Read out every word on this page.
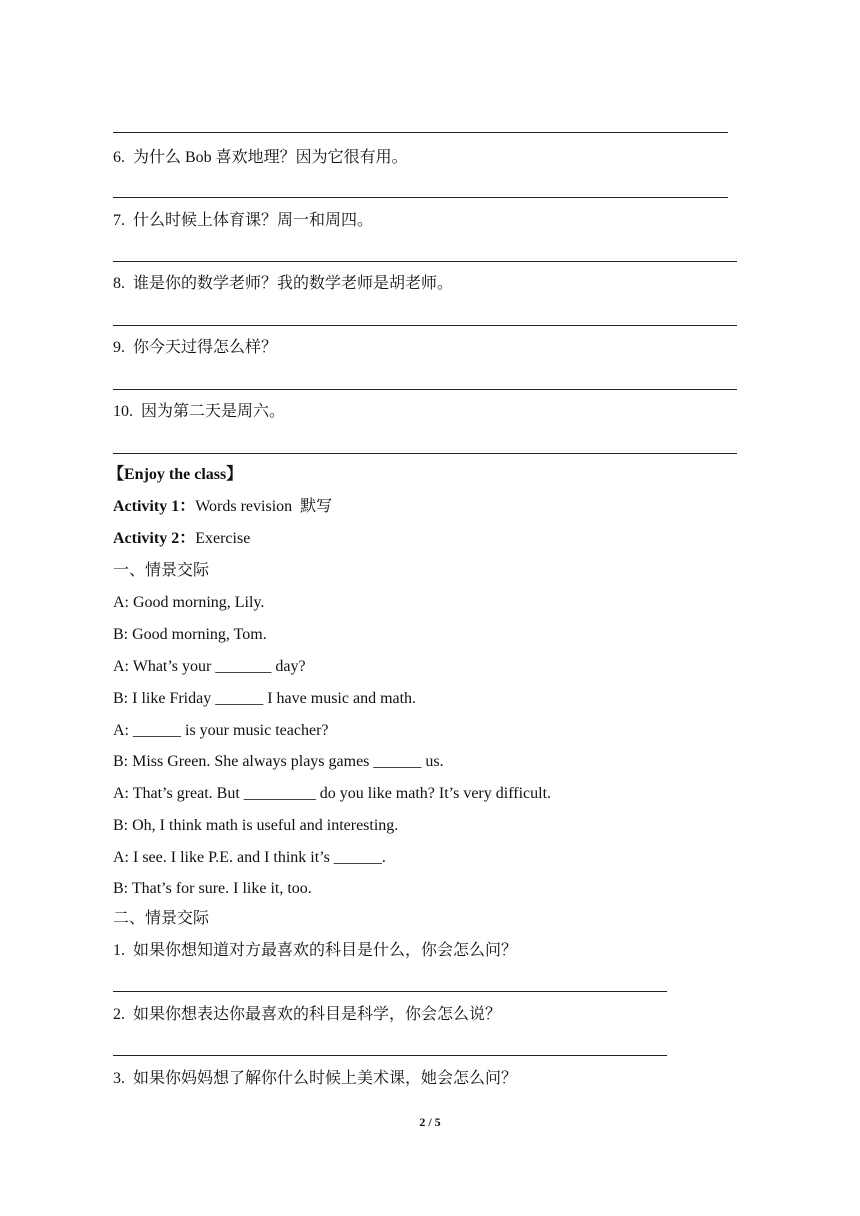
6. 为什么 Bob 喜欢地理？因为它很有用。
7. 什么时候上体育课？周一和周四。
8. 谁是你的数学老师？我的数学老师是胡老师。
9. 你今天过得怎么样？
10. 因为第二天是周六。
【Enjoy the class】
Activity 1：Words revision  默写
Activity 2：Exercise
一、情景交际
A: Good morning, Lily.
B: Good morning, Tom.
A: What’s your _______ day?
B: I like Friday ______ I have music and math.
A: ______ is your music teacher?
B: Miss Green. She always plays games ______ us.
A: That’s great. But _________ do you like math? It’s very difficult.
B: Oh, I think math is useful and interesting.
A: I see. I like P.E. and I think it’s ______.
B: That’s for sure. I like it, too.
二、情景交际
1. 如果你想知道对方最喜欢的科目是什么，你会怎么问？
2. 如果你想表达你最喜欢的科目是科学，你会怎么说？
3. 如果你妈妈想了解你什么时候上美术课，她会怎么问？
2 / 5
